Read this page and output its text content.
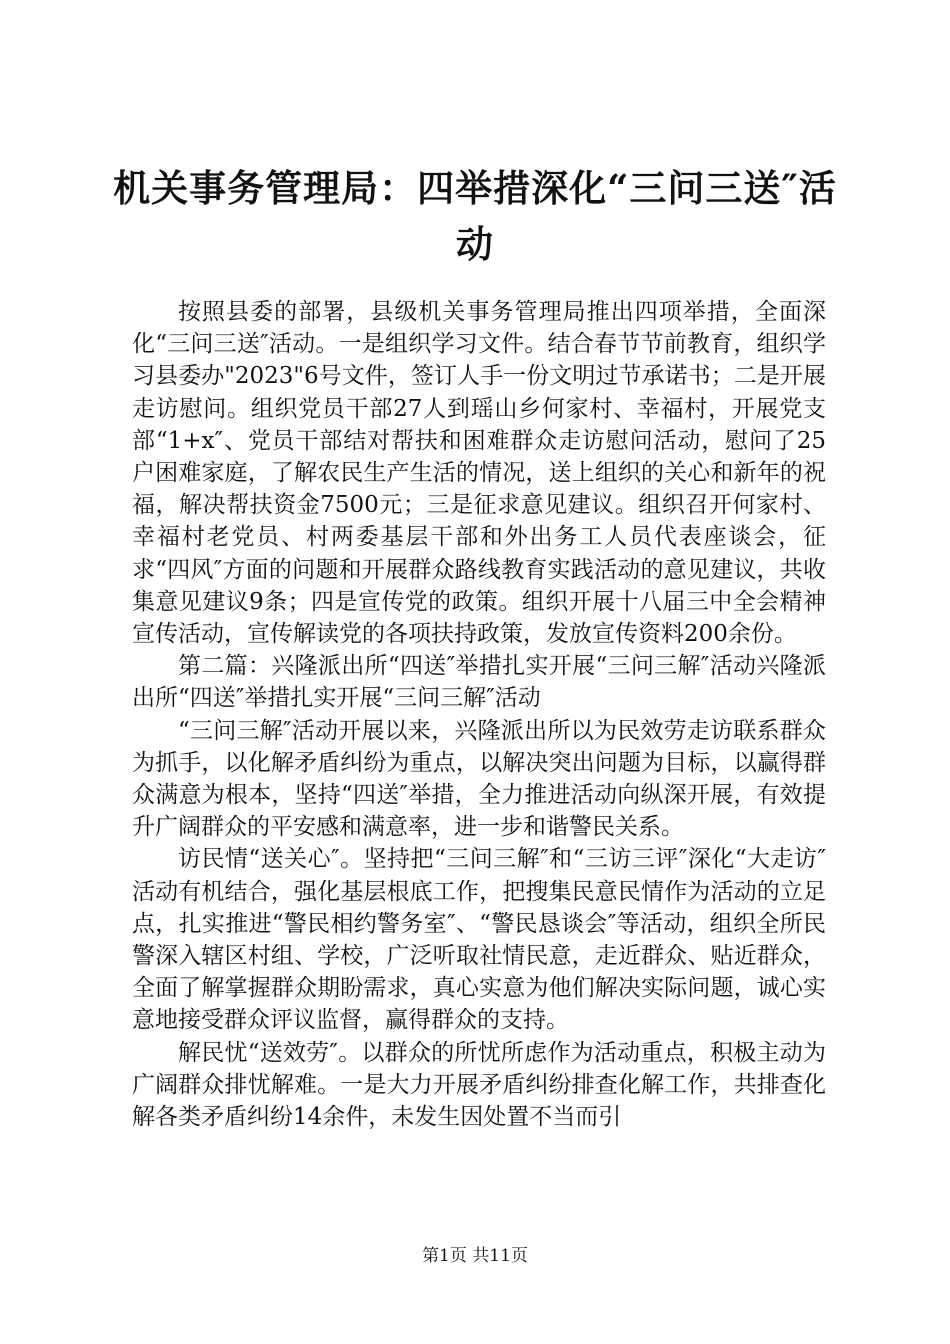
机关事务管理局：四举措深化“三问三送″活动

按照县委的部署，县级机关事务管理局推出四项举措，全面深化“三问三送″活动。一是组织学习文件。结合春节节前教育，组织学习县委办"2023"6号文件，签订人手一份文明过节承诺书；二是开展走访慰问。组织党员干部27人到瑶山乡何家村、幸福村，开展党支部“1+x″、党员干部结对帮扶和困难群众走访慰问活动，慰问了25户困难家庭，了解农民生产生活的情况，送上组织的关心和新年的祝福，解决帮扶资金7500元；三是征求意见建议。组织召开何家村、幸福村老党员、村两委基层干部和外出务工人员代表座谈会，征求“四风″方面的问题和开展群众路线教育实践活动的意见建议，共收集意见建议9条；四是宣传党的政策。组织开展十八届三中全会精神宣传活动，宣传解读党的各项扶持政策，发放宣传资料200余份。

第二篇：兴隆派出所“四送″举措扎实开展“三问三解″活动兴隆派出所“四送″举措扎实开展“三问三解″活动

“三问三解″活动开展以来，兴隆派出所以为民效劳走访联系群众为抓手，以化解矛盾纠纷为重点，以解决突出问题为目标，以赢得群众满意为根本，坚持“四送″举措，全力推进活动向纵深开展，有效提升广阔群众的平安感和满意率，进一步和谐警民关系。

访民情“送关心″。坚持把“三问三解″和“三访三评″深化“大走访″活动有机结合，强化基层根底工作，把搜集民意民情作为活动的立足点，扎实推进“警民相约警务室″、“警民恳谈会″等活动，组织全所民警深入辖区村组、学校，广泛听取社情民意，走近群众、贴近群众，全面了解掌握群众期盼需求，真心实意为他们解决实际问题，诚心实意地接受群众评议监督，赢得群众的支持。

解民忧“送效劳″。以群众的所忧所虑作为活动重点，积极主动为广阔群众排忧解难。一是大力开展矛盾纠纷排查化解工作，共排查化解各类矛盾纠纷14余件，未发生因处置不当而引

第1页 共11页
